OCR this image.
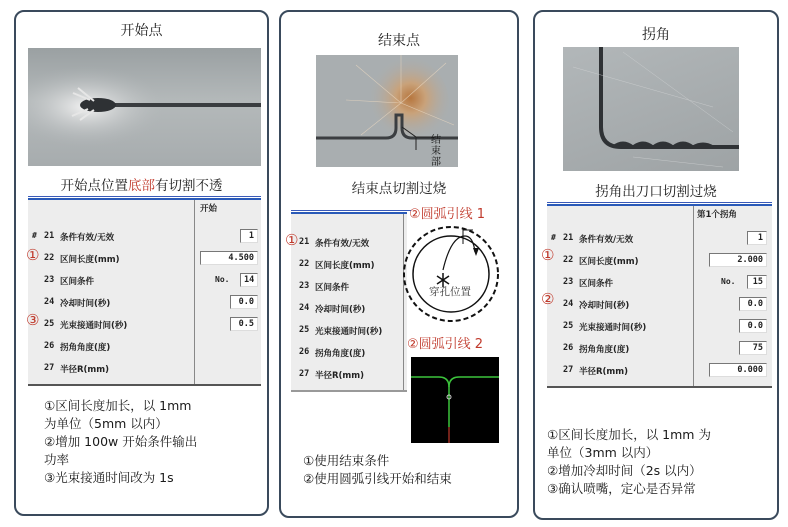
开始点
开始点位置底部有切割不透
开始
# 21 条件有效/无效	1
22 区间长度(mm)	4.500
23 区间条件	No.	14
24 冷却时间(秒)	0.0
25 光束接通时间(秒)	0.5
26 拐角角度(度)
27 半径R(mm)
①
③

①区间长度加长，以 1mm

为单位（5mm 以内）

②增加 100w 开始条件输出

功率

③光束接通时间改为 1s

结束点
结束部
结束点切割过烧
21 条件有效/无效
22 区间长度(mm)
23 区间条件
24 冷却时间(秒)
25 光束接通时间(秒)
26 拐角角度(度)
27 半径R(mm)
①
②圆弧引线 1
穿孔位置
②圆弧引线 2

①使用结束条件

②使用圆弧引线开始和结束

拐角
拐角出刀口切割过烧
第1个拐角
# 21 条件有效/无效	1
22 区间长度(mm)	2.000
23 区间条件	No.	15
24 冷却时间(秒)	0.0
25 光束接通时间(秒)	0.0
26 拐角角度(度)	75
27 半径R(mm)	0.000
①
②

①区间长度加长，以 1mm 为

单位（3mm 以内）

②增加冷却时间（2s 以内）

③确认喷嘴，定心是否异常
